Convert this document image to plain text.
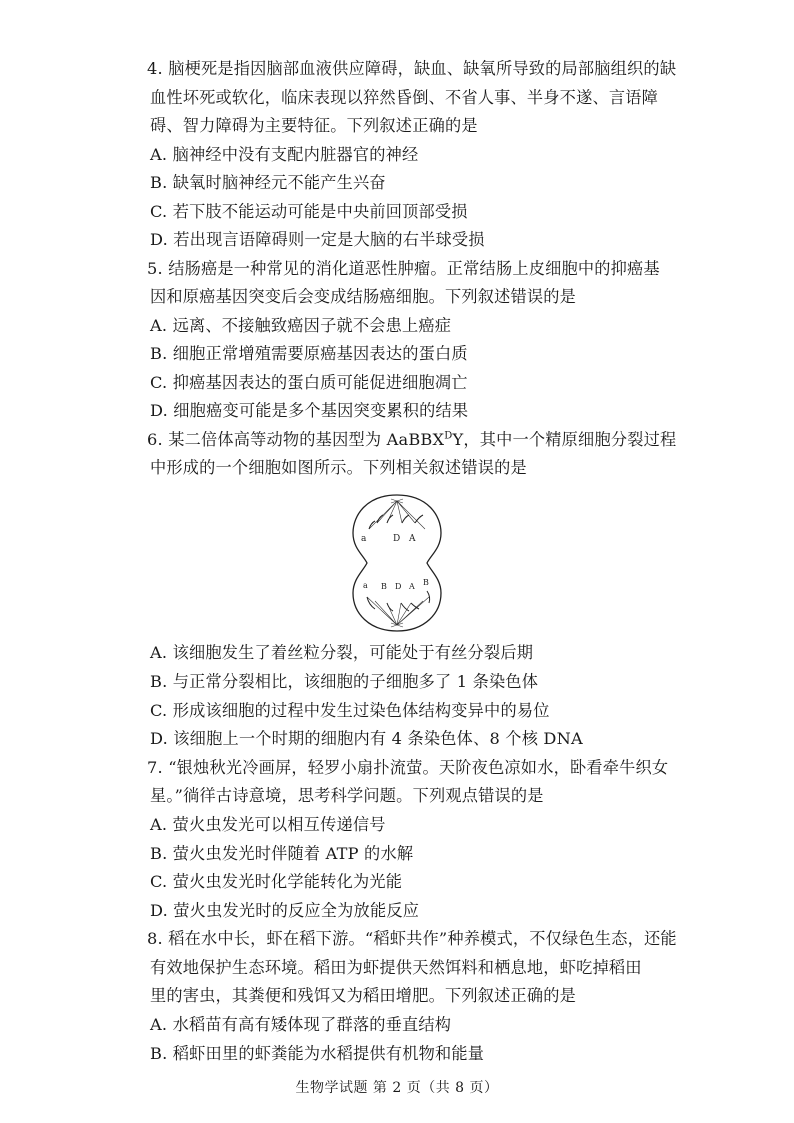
4. 脑梗死是指因脑部血液供应障碍，缺血、缺氧所导致的局部脑组织的缺
血性坏死或软化，临床表现以猝然昏倒、不省人事、半身不遂、言语障
碍、智力障碍为主要特征。下列叙述正确的是
A. 脑神经中没有支配内脏器官的神经
B. 缺氧时脑神经元不能产生兴奋
C. 若下肢不能运动可能是中央前回顶部受损
D. 若出现言语障碍则一定是大脑的右半球受损
5. 结肠癌是一种常见的消化道恶性肿瘤。正常结肠上皮细胞中的抑癌基
因和原癌基因突变后会变成结肠癌细胞。下列叙述错误的是
A. 远离、不接触致癌因子就不会患上癌症
B. 细胞正常增殖需要原癌基因表达的蛋白质
C. 抑癌基因表达的蛋白质可能促进细胞凋亡
D. 细胞癌变可能是多个基因突变累积的结果
6. 某二倍体高等动物的基因型为 AaBBX$^D$Y，其中一个精原细胞分裂过程
中形成的一个细胞如图所示。下列相关叙述错误的是
a	D A
a B D A B
A. 该细胞发生了着丝粒分裂，可能处于有丝分裂后期
B. 与正常分裂相比，该细胞的子细胞多了 1 条染色体
C. 形成该细胞的过程中发生过染色体结构变异中的易位
D. 该细胞上一个时期的细胞内有 4 条染色体、8 个核 DNA
7. “银烛秋光冷画屏，轻罗小扇扑流萤。天阶夜色凉如水，卧看牵牛织女
星。”徜徉古诗意境，思考科学问题。下列观点错误的是
A. 萤火虫发光可以相互传递信号
B. 萤火虫发光时伴随着 ATP 的水解
C. 萤火虫发光时化学能转化为光能
D. 萤火虫发光时的反应全为放能反应
8. 稻在水中长，虾在稻下游。“稻虾共作”种养模式，不仅绿色生态，还能
有效地保护生态环境。稻田为虾提供天然饵料和栖息地，虾吃掉稻田
里的害虫，其粪便和残饵又为稻田增肥。下列叙述正确的是
A. 水稻苗有高有矮体现了群落的垂直结构
B. 稻虾田里的虾粪能为水稻提供有机物和能量
生物学试题 第 2 页（共 8 页）
